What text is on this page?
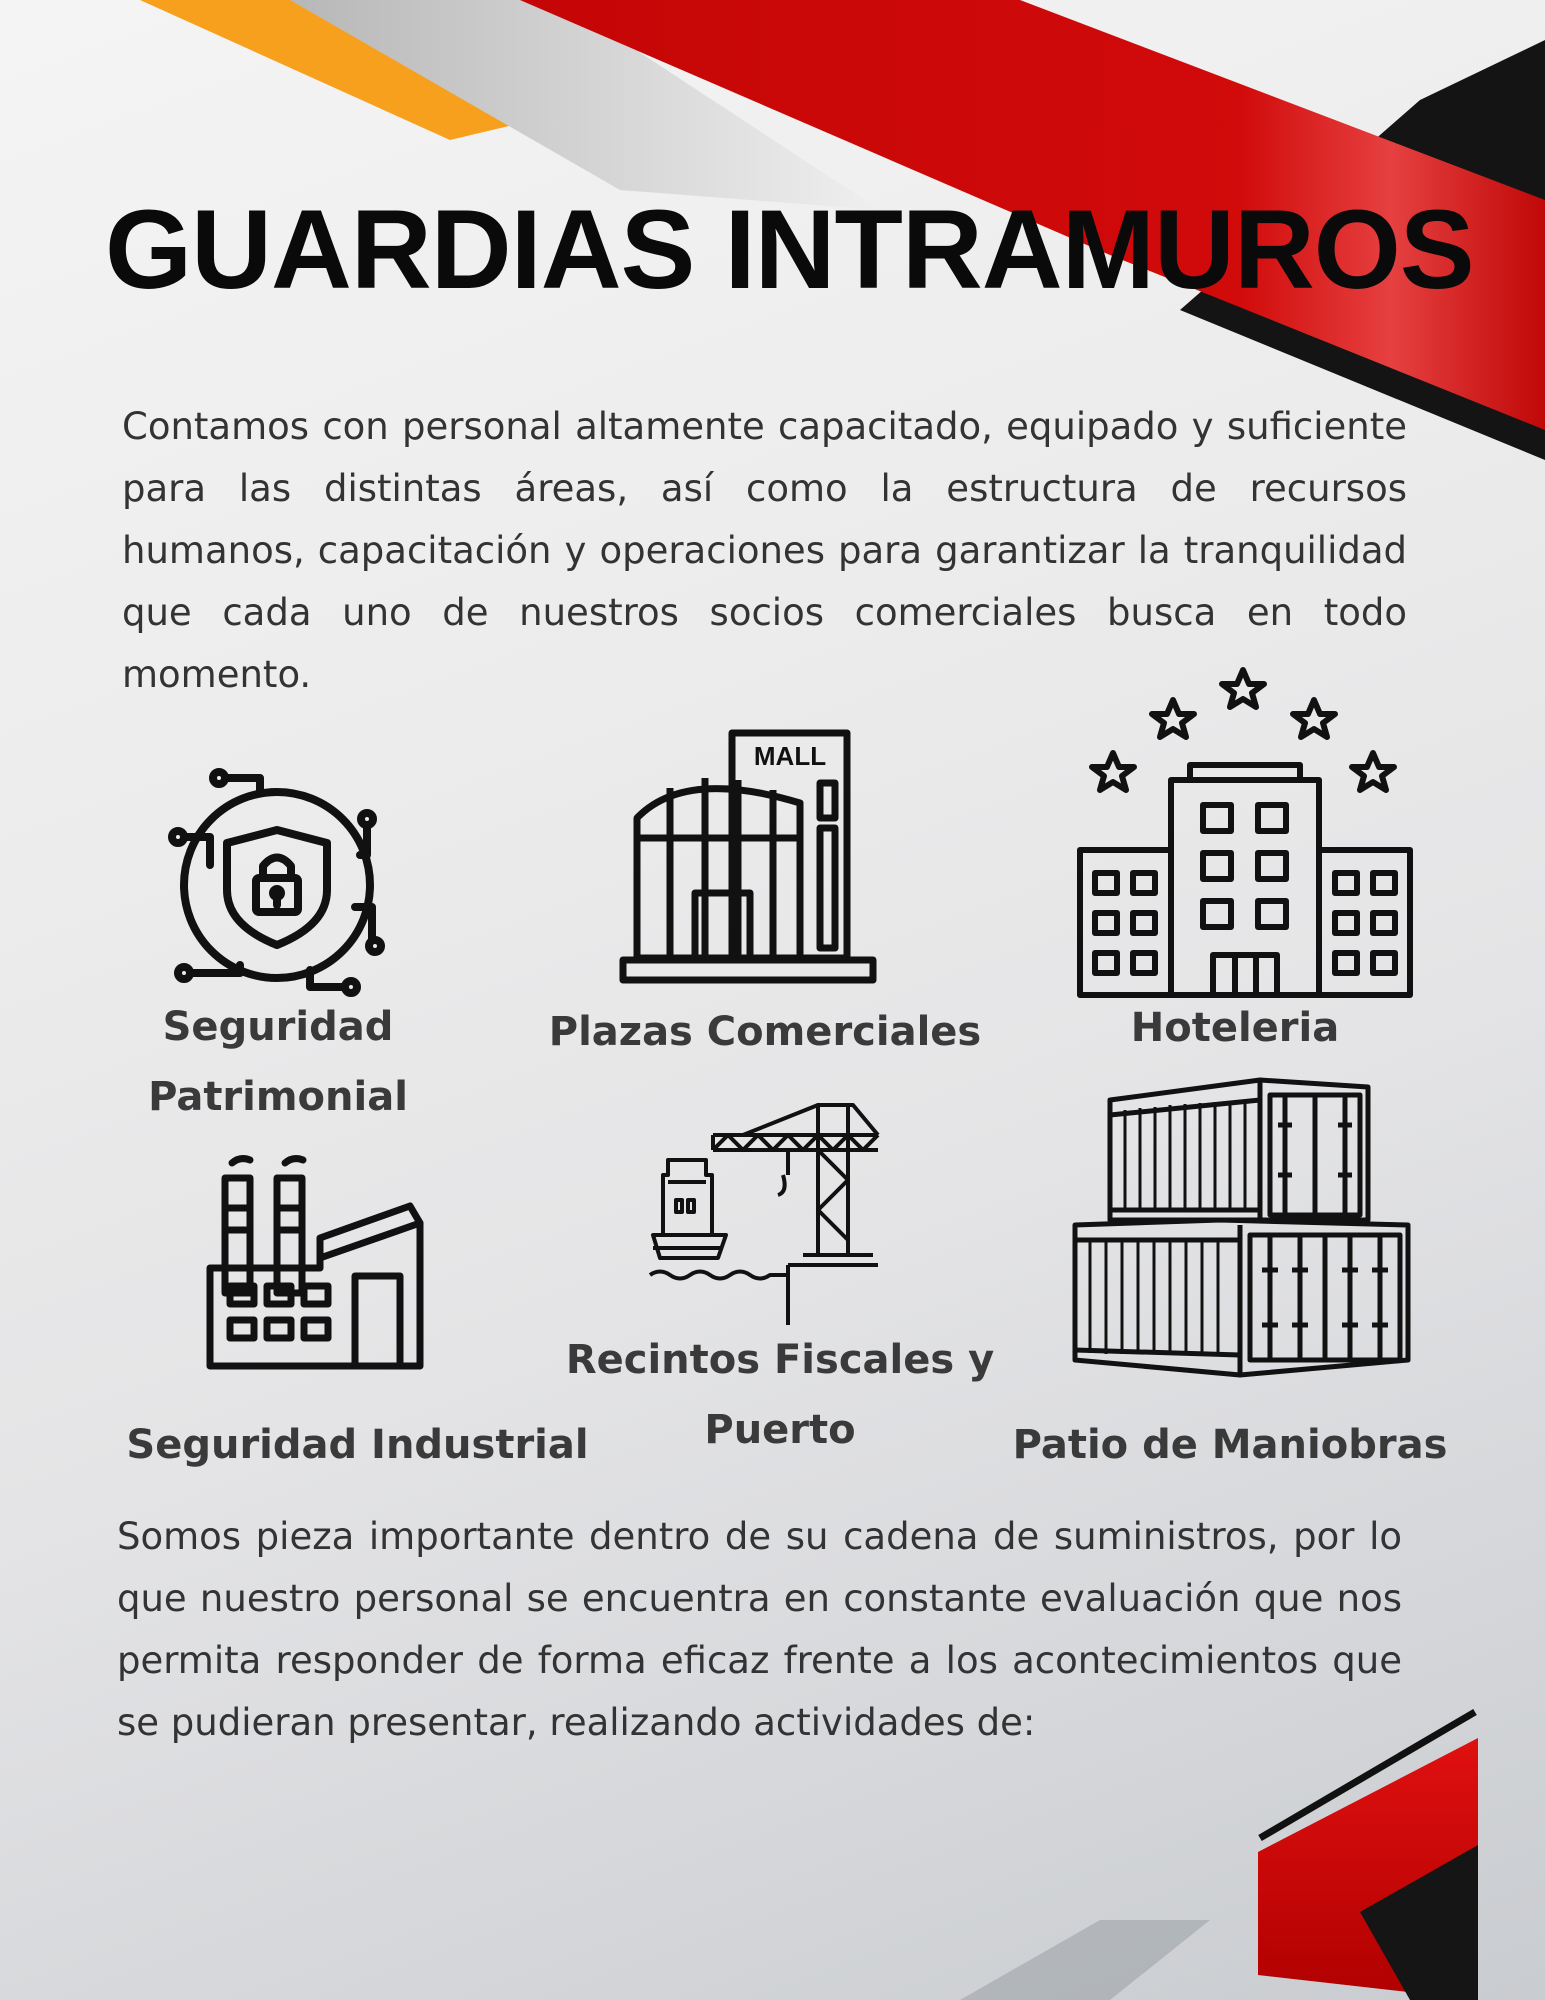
GUARDIAS INTRAMUROS

Contamos con personal altamente capacitado, equipado y suficiente para las distintas áreas, así como la estructura de recursos humanos, capacitación y operaciones para garantizar la tranquilidad que cada uno de nuestros socios comerciales busca en todo momento.

Seguridad Patrimonial

MALL

Plazas Comerciales	Hoteleria

Seguridad Industrial

Recintos Fiscales y Puerto	Patio de Maniobras

Somos pieza importante dentro de su cadena de suministros, por lo que nuestro personal se encuentra en constante evaluación que nos permita responder de forma eficaz frente a los acontecimientos que se pudieran presentar, realizando actividades de:
